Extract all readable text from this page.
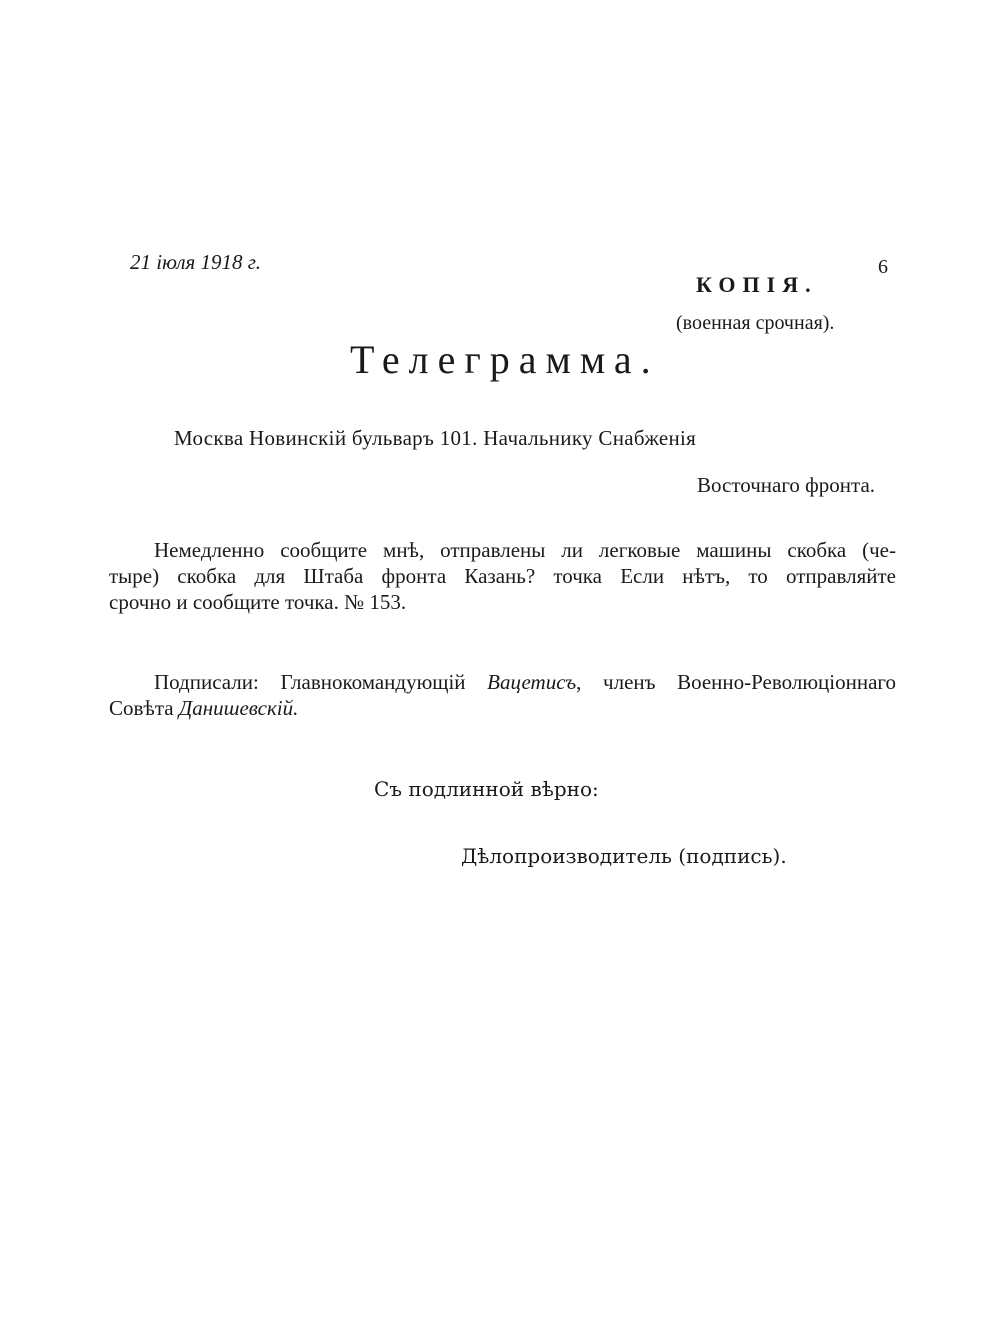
21 іюля 1918 г.	6
КОПІЯ.
(военная срочная).
Телеграмма.
Москва Новинскій бульваръ 101. Начальнику Снабженія
Восточнаго фронта.
Немедленно сообщите мнѣ, отправлены ли легковые машины скобка (че-
тыре) скобка для Штаба фронта Казань? точка Если нѣтъ, то отправляйте
срочно и сообщите точка. № 153.
Подписали: Главнокомандующій Вацетисъ, членъ Военно-Революціоннаго
Совѣта Данишевскій.
Съ подлинной вѣрно:
Дѣлопроизводитель (подпись).
